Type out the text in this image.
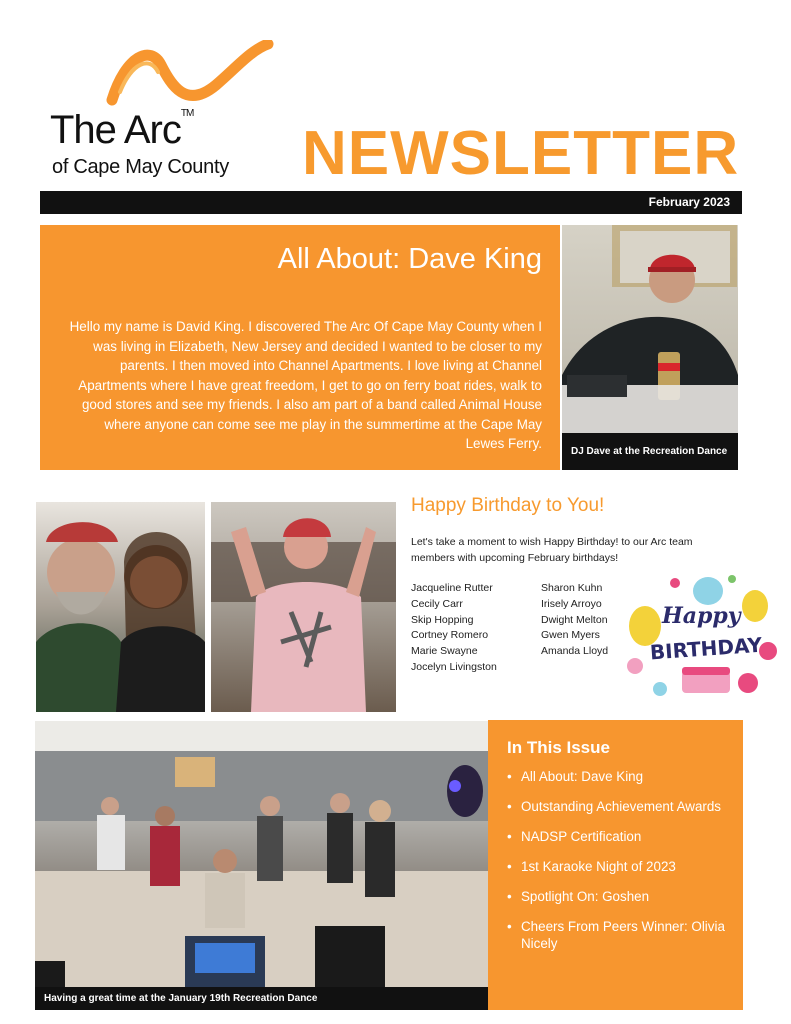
The Arc™
of Cape May County NEWSLETTER
February 2023
All About: Dave King
Hello my name is David King. I discovered The Arc Of Cape May County when I was living in Elizabeth, New Jersey and decided I wanted to be closer to my parents. I then moved into Channel Apartments. I love living at Channel Apartments where I have great freedom, I get to go on ferry boat rides, walk to good stores and see my friends. I also am part of a band called Animal House where anyone can come see me play in the summertime at the Cape May Lewes Ferry.
DJ Dave at the Recreation Dance
Happy Birthday to You!
Let's take a moment to wish Happy Birthday! to our Arc team members with upcoming February birthdays!
Jacqueline Rutter
Cecily Carr
Skip Hopping
Cortney Romero
Marie Swayne
Jocelyn Livingston
Sharon Kuhn
Irisely Arroyo
Dwight Melton
Gwen Myers
Amanda Lloyd
Happy
BIRTHDAY
Having a great time at the January 19th Recreation Dance
In This Issue
• All About: Dave King
• Outstanding Achievement Awards
• NADSP Certification
• 1st Karaoke Night of 2023
• Spotlight On: Goshen
• Cheers From Peers Winner: Olivia Nicely
